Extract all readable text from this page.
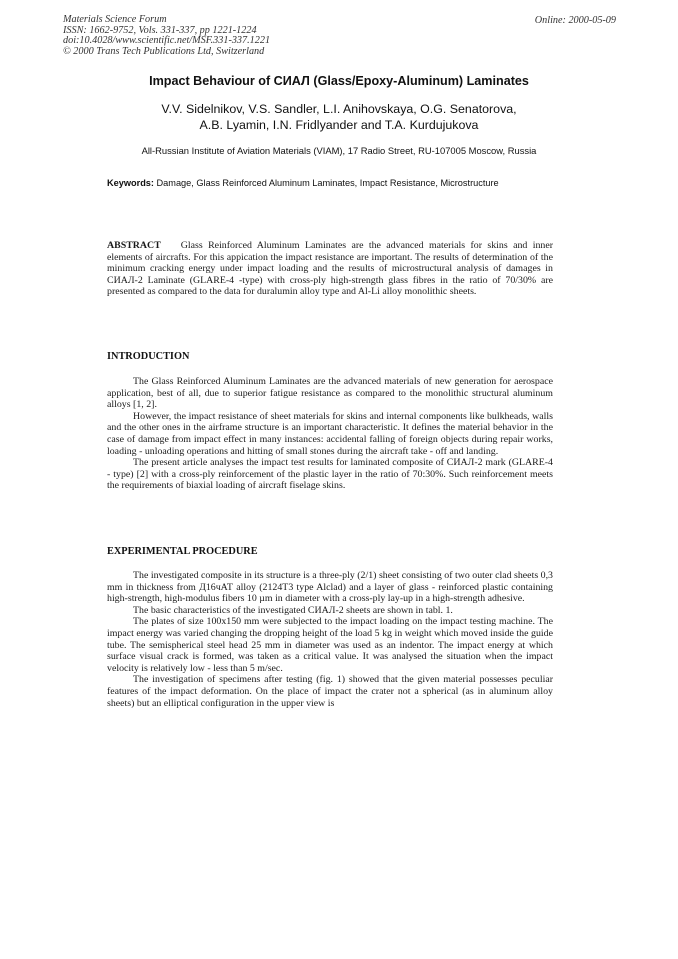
Materials Science Forum
ISSN: 1662-9752, Vols. 331-337, pp 1221-1224
doi:10.4028/www.scientific.net/MSF.331-337.1221
© 2000 Trans Tech Publications Ltd, Switzerland
Online: 2000-05-09
Impact Behaviour of СИАЛ (Glass/Epoxy-Aluminum) Laminates
V.V. Sidelnikov, V.S. Sandler, L.I. Anihovskaya, O.G. Senatorova,
A.B. Lyamin, I.N. Fridlyander and T.A. Kurdujukova
All-Russian Institute of Aviation Materials (VIAM), 17 Radio Street, RU-107005 Moscow, Russia
Keywords: Damage, Glass Reinforced Aluminum Laminates, Impact Resistance, Microstructure
ABSTRACT Glass Reinforced Aluminum Laminates are the advanced materials for skins and inner elements of aircrafts. For this appication the impact resistance are important. The results of determination of the minimum cracking energy under impact loading and the results of microstructural analysis of damages in СИАЛ-2 Laminate (GLARE-4 -type) with cross-ply high-strength glass fibres in the ratio of 70/30% are presented as compared to the data for duralumin alloy type and Al-Li alloy monolithic sheets.
INTRODUCTION

The Glass Reinforced Aluminum Laminates are the advanced materials of new generation for aerospace application, best of all, due to superior fatigue resistance as compared to the monolithic structural aluminum alloys [1, 2].

However, the impact resistance of sheet materials for skins and internal components like bulkheads, walls and the other ones in the airframe structure is an important characteristic. It defines the material behavior in the case of damage from impact effect in many instances: accidental falling of foreign objects during repair works, loading - unloading operations and hitting of small stones during the aircraft take - off and landing.

The present article analyses the impact test results for laminated composite of СИАЛ-2 mark (GLARE-4 - type) [2] with a cross-ply reinforcement of the plastic layer in the ratio of 70:30%. Such reinforcement meets the requirements of biaxial loading of aircraft fiselage skins.

EXPERIMENTAL PROCEDURE

The investigated composite in its structure is a three-ply (2/1) sheet consisting of two outer clad sheets 0,3 mm in thickness from Д16чАТ alloy (2124T3 type Alclad) and a layer of glass - reinforced plastic containing high-strength, high-modulus fibers 10 µm in diameter with a cross-ply lay-up in a high-strength adhesive.

The basic characteristics of the investigated СИАЛ-2 sheets are shown in tabl. 1.

The plates of size 100x150 mm were subjected to the impact loading on the impact testing machine. The impact energy was varied changing the dropping height of the load 5 kg in weight which moved inside the guide tube. The semispherical steel head 25 mm in diameter was used as an indentor. The impact energy at which surface visual crack is formed, was taken as a critical value. It was analysed the situation when the impact velocity is relatively low - less than 5 m/sec.

The investigation of specimens after testing (fig. 1) showed that the given material possesses peculiar features of the impact deformation. On the place of impact the crater not a spherical (as in aluminum alloy sheets) but an elliptical configuration in the upper view is
